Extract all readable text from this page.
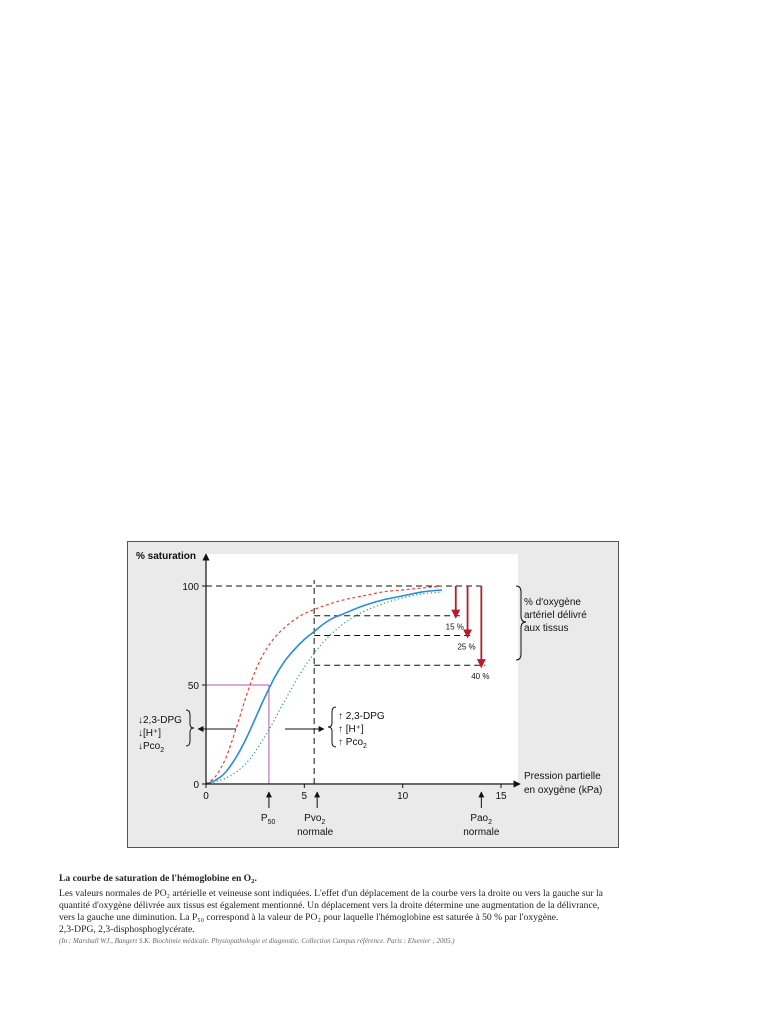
0	5	10	15
0
50
100
% saturation
Pression partielle
en oxygène (kPa)
15 %
25 %
40 %
% d'oxygène
artériel délivré
aux tissus
↓2,3-DPG
↓[H⁺]
↓Pco$_2$
↑ 2,3-DPG
↑ [H⁺]
↑ Pco$_2$
$P_{50}$	Pvo$_2$
normale
Pao$_2$
normale
La courbe de saturation de l'hémoglobine en $O_2$.
Les valeurs normales de PO₂ artérielle et veineuse sont indiquées. L'effet d'un déplacement de la courbe vers la droite ou vers la gauche sur la
quantité d'oxygène délivrée aux tissus est également mentionné. Un déplacement vers la droite détermine une augmentation de la délivrance,
vers la gauche une diminution. La P₅₀ correspond à la valeur de PO₂ pour laquelle l'hémoglobine est saturée à 50 % par l'oxygène.
2,3-DPG, 2,3-disphosphoglycérate.
(In : Marshall WJ., Bangert S.K. Biochimie médicale. Physiopathologie et diagnostic. Collection Campus référence. Paris : Elsevier ; 2005.)
